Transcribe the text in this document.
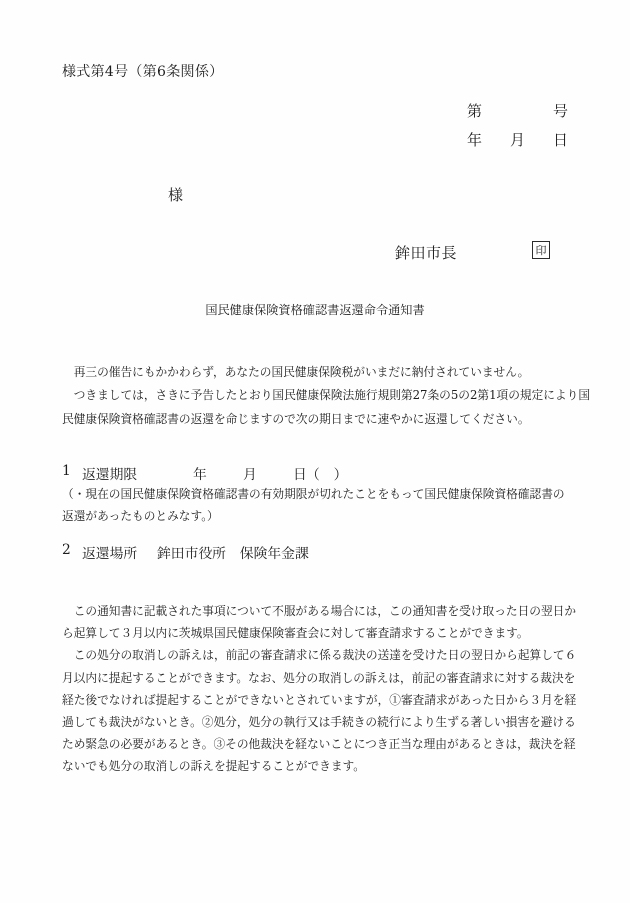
様式第4号（第6条関係）
第	号
年 月 日
様
鉾田市長	印
国民健康保険資格確認書返還命令通知書
　再三の催告にもかかわらず，あなたの国民健康保険税がいまだに納付されていません。
　つきましては，さきに予告したとおり国民健康保険法施行規則第27条の5の2第1項の規定により国
民健康保険資格確認書の返還を命じますので次の期日までに速やかに返還してください。
1 返還期限	年	月	日 （　）
（・現在の国民健康保険資格確認書の有効期限が切れたことをもって国民健康保険資格確認書の
返還があったものとみなす。）
2 返還場所 鉾田市役所　保険年金課
　この通知書に記載された事項について不服がある場合には，この通知書を受け取った日の翌日か
ら起算して３月以内に茨城県国民健康保険審査会に対して審査請求することができます。
　この処分の取消しの訴えは，前記の審査請求に係る裁決の送達を受けた日の翌日から起算して６
月以内に提起することができます。なお、処分の取消しの訴えは，前記の審査請求に対する裁決を
経た後でなければ提起することができないとされていますが，①審査請求があった日から３月を経
過しても裁決がないとき。②処分，処分の執行又は手続きの続行により生ずる著しい損害を避ける
ため緊急の必要があるとき。③その他裁決を経ないことにつき正当な理由があるときは，裁決を経
ないでも処分の取消しの訴えを提起することができます。
